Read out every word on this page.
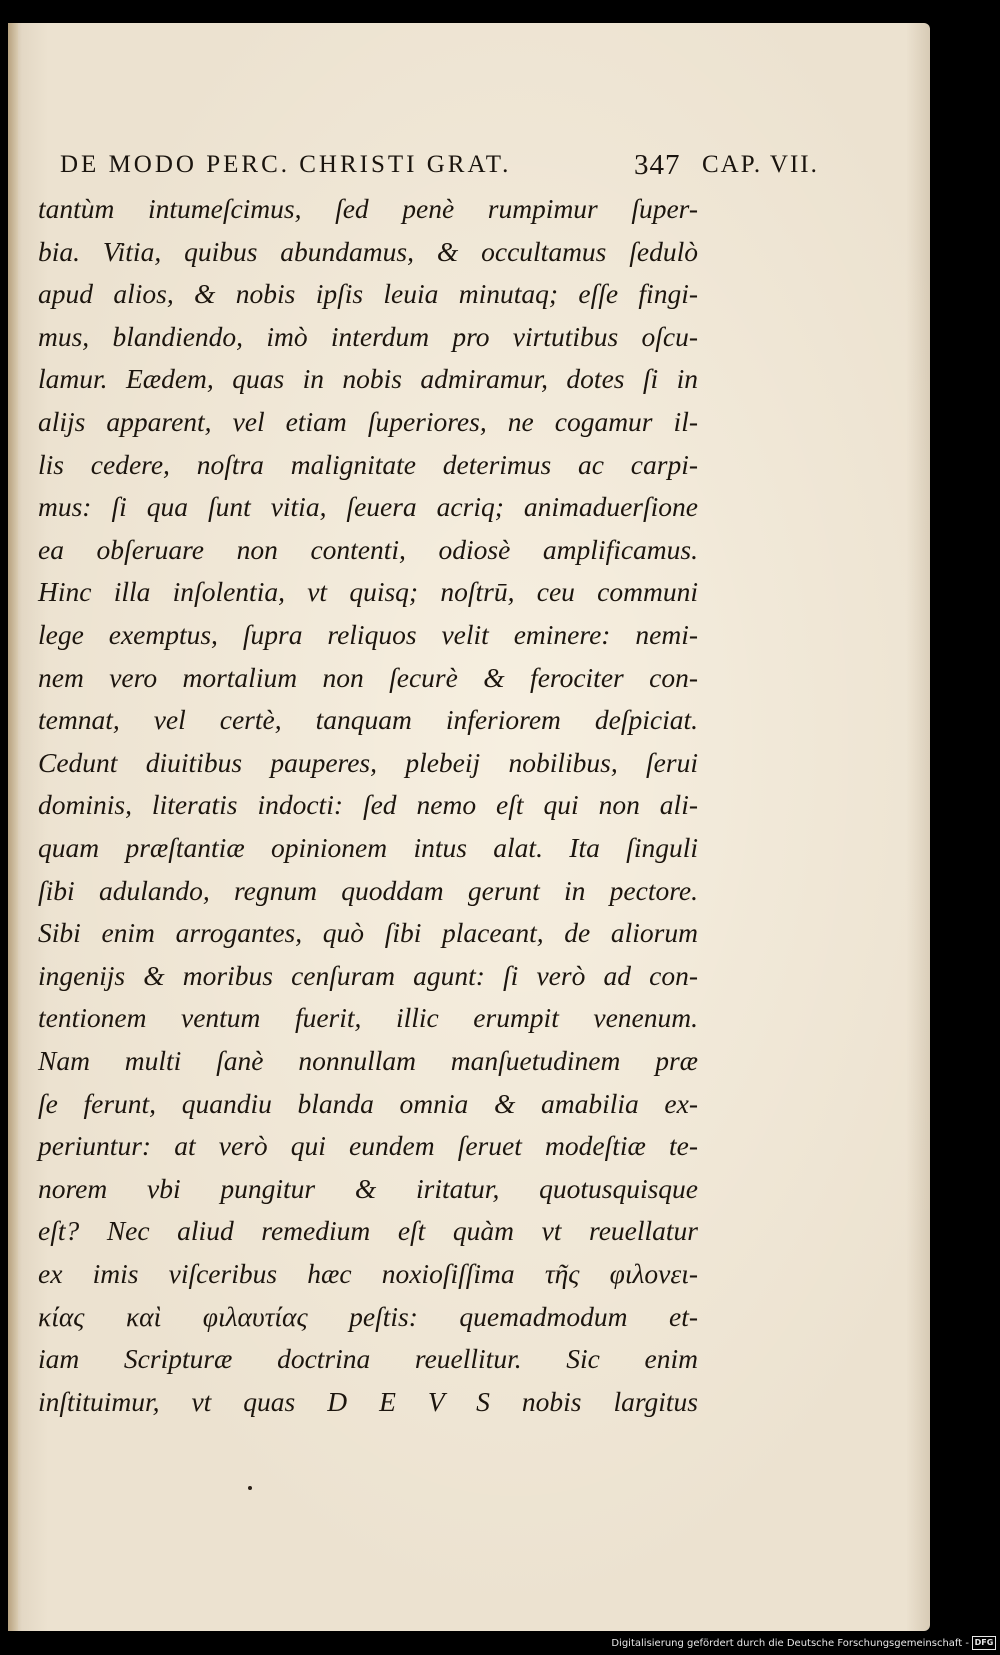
DE MODO PERC. CHRISTI GRAT.	347 CAP. VII.
tantùm intumeſcimus, ſed penè rumpimur ſuper-
bia. Vitia, quibus abundamus, & occultamus ſedulò
apud alios, & nobis ipſis leuia minutaq; eſſe fingi-
mus, blandiendo, imò interdum pro virtutibus oſcu-
lamur. Eædem, quas in nobis admiramur, dotes ſi in
alijs apparent, vel etiam ſuperiores, ne cogamur il-
lis cedere, noſtra malignitate deterimus ac carpi-
mus: ſi qua ſunt vitia, ſeuera acriq; animaduerſione
ea obſeruare non contenti, odiosè amplificamus.
Hinc illa inſolentia, vt quisq; noſtrū, ceu communi
lege exemptus, ſupra reliquos velit eminere: nemi-
nem vero mortalium non ſecurè & ferociter con-
temnat, vel certè, tanquam inferiorem deſpiciat.
Cedunt diuitibus pauperes, plebeij nobilibus, ſerui
dominis, literatis indocti: ſed nemo eſt qui non ali-
quam præſtantiæ opinionem intus alat. Ita ſinguli
ſibi adulando, regnum quoddam gerunt in pectore.
Sibi enim arrogantes, quò ſibi placeant, de aliorum
ingenijs & moribus cenſuram agunt: ſi verò ad con-
tentionem ventum fuerit, illic erumpit venenum.
Nam multi ſanè nonnullam manſuetudinem præ
ſe ferunt, quandiu blanda omnia & amabilia ex-
periuntur: at verò qui eundem ſeruet modeſtiæ te-
norem vbi pungitur & iritatur, quotusquisque
eſt? Nec aliud remedium eſt quàm vt reuellatur
ex imis viſceribus hæc noxioſiſſima τῆς φιλονει-
κίας καὶ φιλαυτίας peſtis: quemadmodum et-
iam Scripturæ doctrina reuellitur. Sic enim
inſtituimur, vt quas D E V S nobis largitus
Digitalisierung gefördert durch die Deutsche Forschungsgemeinschaft - DFG
